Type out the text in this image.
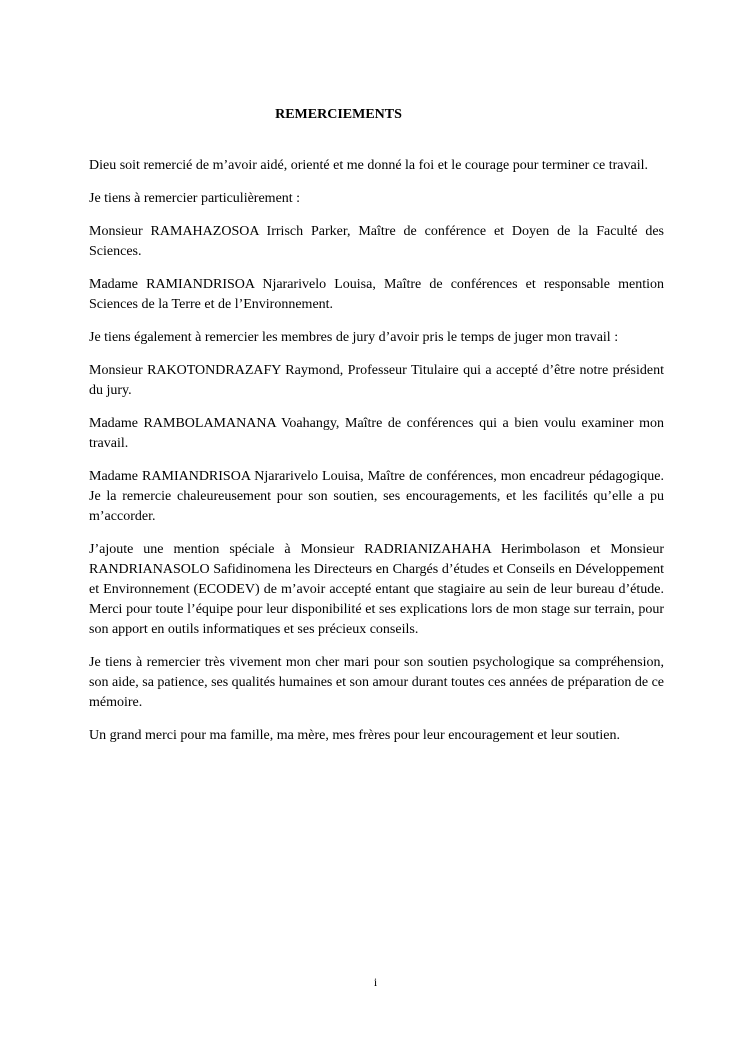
REMERCIEMENTS

Dieu soit remercié de m’avoir aidé, orienté et me donné la foi et le courage pour terminer ce travail.

Je tiens à remercier particulièrement :

Monsieur RAMAHAZOSOA Irrisch Parker, Maître de conférence et Doyen de la Faculté des Sciences.

Madame RAMIANDRISOA Njararivelo Louisa, Maître de conférences et responsable mention Sciences de la Terre et de l’Environnement.

Je tiens également à remercier les membres de jury d’avoir pris le temps de juger mon travail :

Monsieur RAKOTONDRAZAFY Raymond, Professeur Titulaire qui a accepté d’être notre président du jury.

Madame RAMBOLAMANANA Voahangy, Maître de conférences qui a bien voulu examiner mon travail.

Madame RAMIANDRISOA Njararivelo Louisa, Maître de conférences, mon encadreur pédagogique. Je la remercie chaleureusement pour son soutien, ses encouragements, et les facilités qu’elle a pu m’accorder.

J’ajoute une mention spéciale à Monsieur RADRIANIZAHAHA Herimbolason et Monsieur RANDRIANASOLO Safidinomena les Directeurs en Chargés d’études et Conseils en Développement et Environnement (ECODEV) de m’avoir accepté entant que stagiaire au sein de leur bureau d’étude. Merci pour toute l’équipe pour leur disponibilité et ses explications lors de mon stage sur terrain, pour son apport en outils informatiques et ses précieux conseils.

Je tiens à remercier très vivement mon cher mari pour son soutien psychologique sa compréhension, son aide, sa patience, ses qualités humaines et son amour durant toutes ces années de préparation de ce mémoire.

Un grand merci pour ma famille, ma mère, mes frères pour leur encouragement et leur soutien.

i
